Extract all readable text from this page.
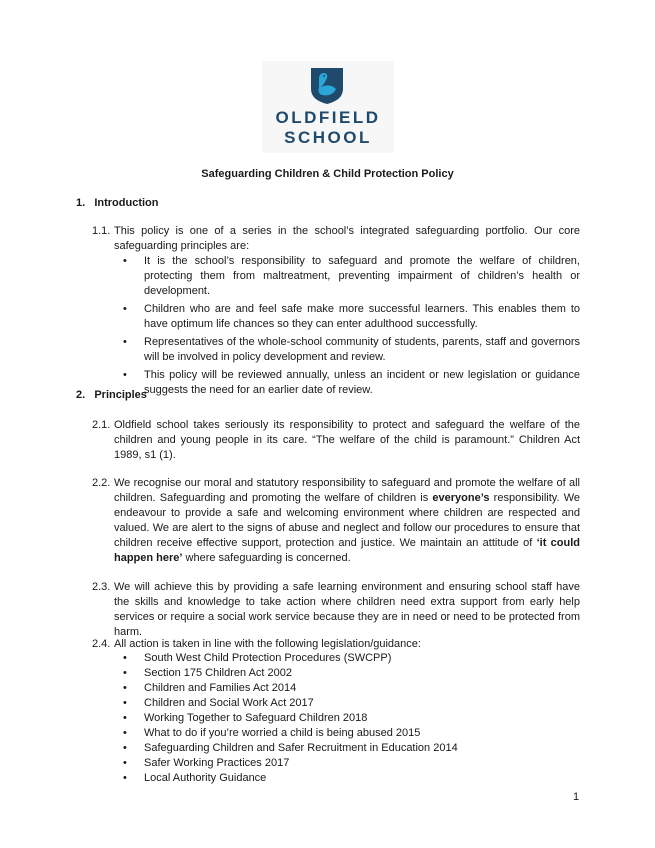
OLDFIELD
SCHOOL
Safeguarding Children & Child Protection Policy
1.   Introduction
1.1. This policy is one of a series in the school’s integrated safeguarding portfolio. Our core safeguarding principles are:
• It is the school’s responsibility to safeguard and promote the welfare of children, protecting them from maltreatment, preventing impairment of children’s health or development.
• Children who are and feel safe make more successful learners. This enables them to have optimum life chances so they can enter adulthood successfully.
• Representatives of the whole-school community of students, parents, staff and governors will be involved in policy development and review.
• This policy will be reviewed annually, unless an incident or new legislation or guidance suggests the need for an earlier date of review.
2.   Principles
2.1. Oldfield school takes seriously its responsibility to protect and safeguard the welfare of the children and young people in its care. “The welfare of the child is paramount.” Children Act 1989, s1 (1).
2.2. We recognise our moral and statutory responsibility to safeguard and promote the welfare of all children. Safeguarding and promoting the welfare of children is everyone’s responsibility. We endeavour to provide a safe and welcoming environment where children are respected and valued. We are alert to the signs of abuse and neglect and follow our procedures to ensure that children receive effective support, protection and justice. We maintain an attitude of ‘it could happen here’ where safeguarding is concerned.
2.3. We will achieve this by providing a safe learning environment and ensuring school staff have the skills and knowledge to take action where children need extra support from early help services or require a social work service because they are in need or need to be protected from harm.
2.4. All action is taken in line with the following legislation/guidance:
• South West Child Protection Procedures (SWCPP)
• Section 175 Children Act 2002
• Children and Families Act 2014
• Children and Social Work Act 2017
• Working Together to Safeguard Children 2018
• What to do if you’re worried a child is being abused 2015
• Safeguarding Children and Safer Recruitment in Education 2014
• Safer Working Practices 2017
• Local Authority Guidance
1
